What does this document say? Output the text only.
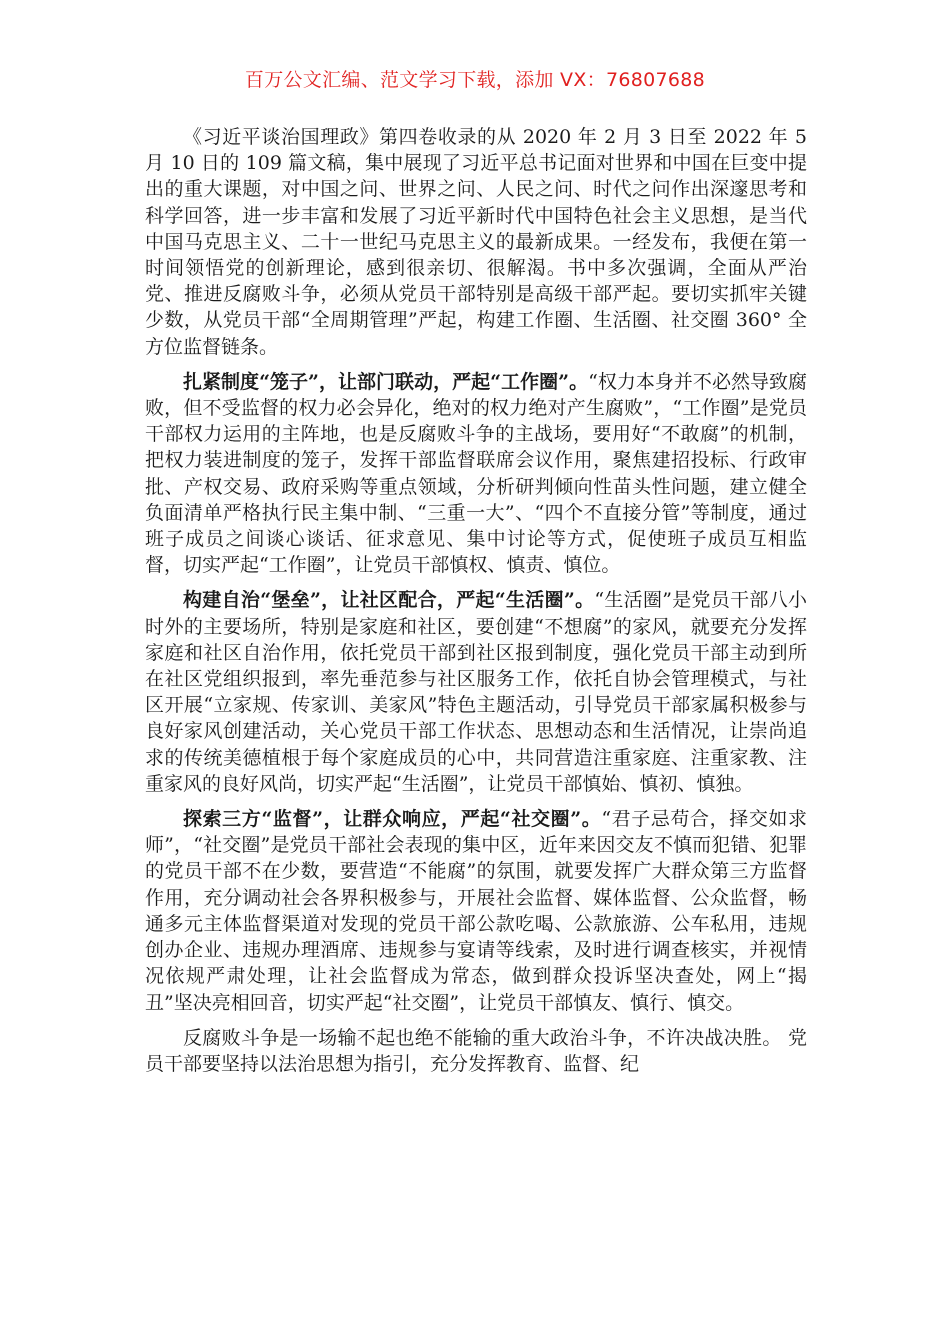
百万公文汇编、范文学习下载，添加 VX：76807688

《习近平谈治国理政》第四卷收录的从 2020 年 2 月 3 日至 2022 年 5 月 10 日的 109 篇文稿，集中展现了习近平总书记面对世界和中国在巨变中提出的重大课题，对中国之问、世界之问、人民之问、时代之问作出深邃思考和科学回答，进一步丰富和发展了习近平新时代中国特色社会主义思想，是当代中国马克思主义、二十一世纪马克思主义的最新成果。一经发布，我便在第一时间领悟党的创新理论，感到很亲切、很解渴。书中多次强调，全面从严治党、推进反腐败斗争，必须从党员干部特别是高级干部严起。要切实抓牢关键少数，从党员干部“全周期管理”严起，构建工作圈、生活圈、社交圈 360° 全方位监督链条。

扎紧制度“笼子”，让部门联动，严起“工作圈”。“权力本身并不必然导致腐败，但不受监督的权力必会异化，绝对的权力绝对产生腐败”，“工作圈”是党员干部权力运用的主阵地，也是反腐败斗争的主战场，要用好“不敢腐”的机制，把权力装进制度的笼子，发挥干部监督联席会议作用，聚焦建招投标、行政审批、产权交易、政府采购等重点领域，分析研判倾向性苗头性问题，建立健全负面清单严格执行民主集中制、“三重一大”、“四个不直接分管”等制度，通过班子成员之间谈心谈话、征求意见、集中讨论等方式，促使班子成员互相监督，切实严起“工作圈”，让党员干部慎权、慎责、慎位。

构建自治“堡垒”，让社区配合，严起“生活圈”。“生活圈”是党员干部八小时外的主要场所，特别是家庭和社区，要创建“不想腐”的家风，就要充分发挥家庭和社区自治作用，依托党员干部到社区报到制度，强化党员干部主动到所在社区党组织报到，率先垂范参与社区服务工作，依托自协会管理模式，与社区开展“立家规、传家训、美家风”特色主题活动，引导党员干部家属积极参与良好家风创建活动，关心党员干部工作状态、思想动态和生活情况，让崇尚追求的传统美德植根于每个家庭成员的心中，共同营造注重家庭、注重家教、注重家风的良好风尚，切实严起“生活圈”，让党员干部慎始、慎初、慎独。

探索三方“监督”，让群众响应，严起“社交圈”。“君子忌苟合，择交如求师”，“社交圈”是党员干部社会表现的集中区，近年来因交友不慎而犯错、犯罪的党员干部不在少数，要营造“不能腐”的氛围，就要发挥广大群众第三方监督作用，充分调动社会各界积极参与，开展社会监督、媒体监督、公众监督，畅通多元主体监督渠道对发现的党员干部公款吃喝、公款旅游、公车私用，违规创办企业、违规办理酒席、违规参与宴请等线索，及时进行调查核实，并视情况依规严肃处理，让社会监督成为常态，做到群众投诉坚决查处，网上“揭丑”坚决亮相回音，切实严起“社交圈”，让党员干部慎友、慎行、慎交。

反腐败斗争是一场输不起也绝不能输的重大政治斗争，不许决战决胜。 党员干部要坚持以法治思想为指引，充分发挥教育、监督、纪
